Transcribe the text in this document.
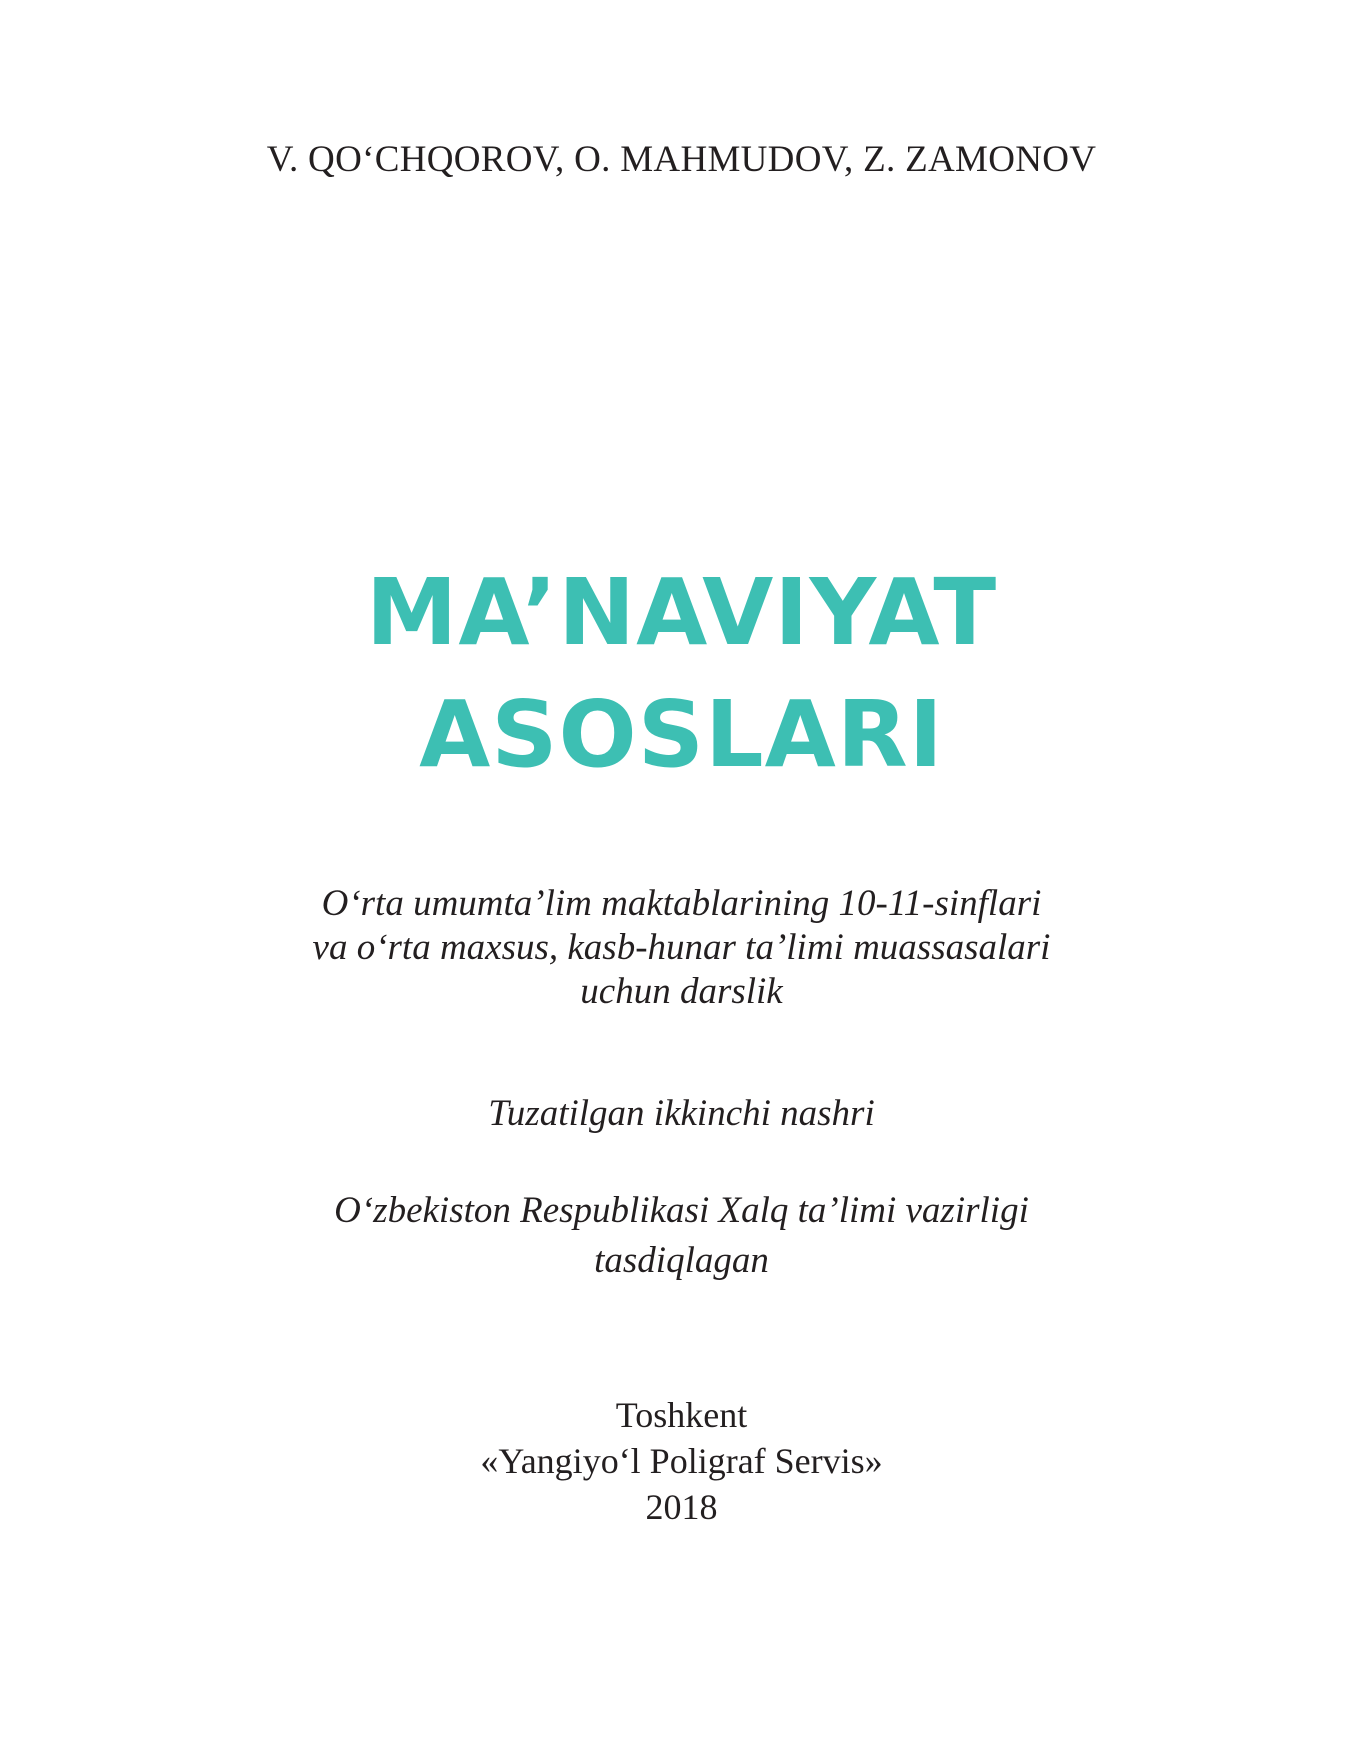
V. QO‘CHQOROV, O. MAHMUDOV, Z. ZAMONOV
MA’NAVIYAT
ASOSLARI
O‘rta umumta’lim maktablarining 10-11-sinflari
va o‘rta maxsus, kasb-hunar ta’limi muassasalari
uchun darslik
Tuzatilgan ikkinchi nashri
O‘zbekiston Respublikasi Xalq ta’limi vazirligi
tasdiqlagan
Toshkent
«Yangiyo‘l Poligraf Servis»
2018
